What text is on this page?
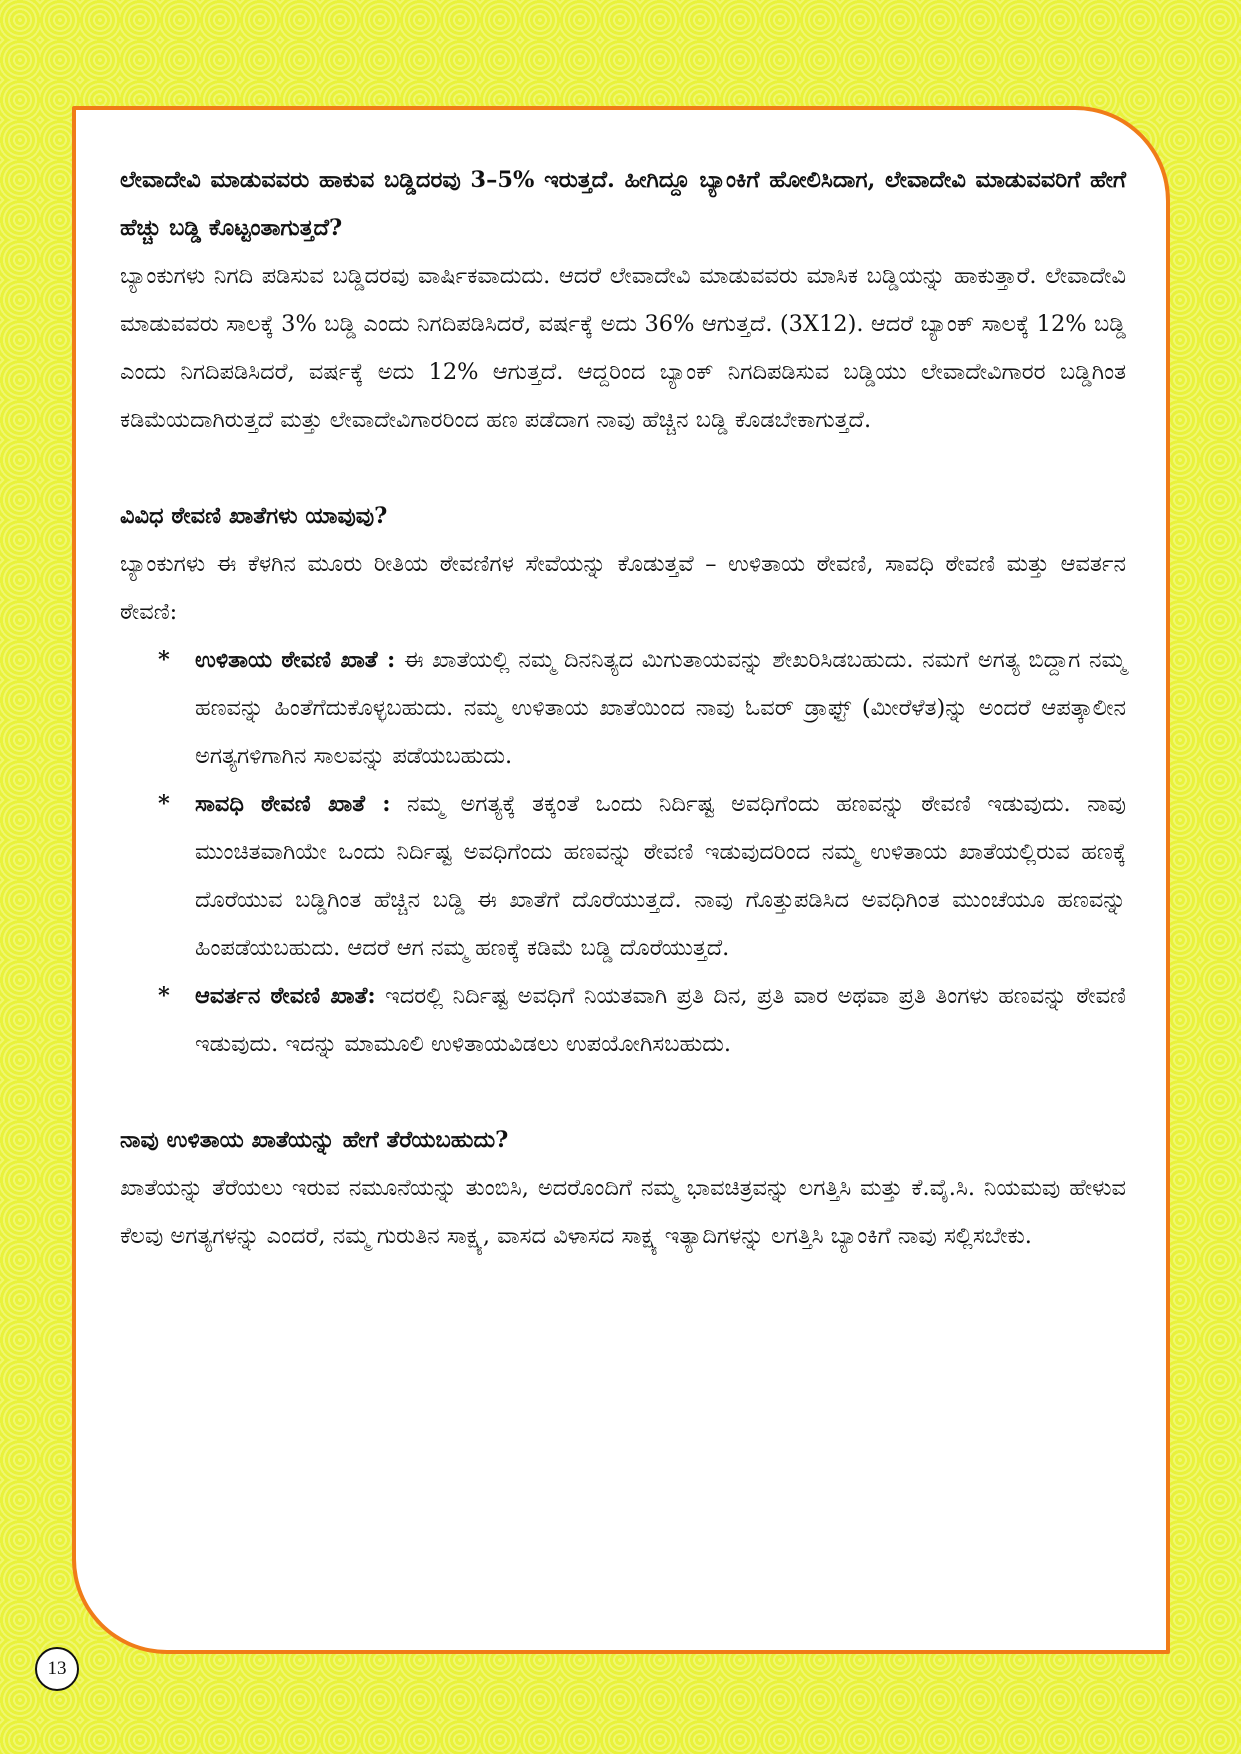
ಲೇವಾದೇವಿ ಮಾಡುವವರು ಹಾಕುವ ಬಡ್ಡಿದರವು 3–5% ಇರುತ್ತದೆ. ಹೀಗಿದ್ದೂ ಬ್ಯಾಂಕಿಗೆ ಹೋಲಿಸಿದಾಗ, ಲೇವಾದೇವಿ ಮಾಡುವವರಿಗೆ ಹೇಗೆ ಹೆಚ್ಚು ಬಡ್ಡಿ ಕೊಟ್ಟಂತಾಗುತ್ತದೆ?

ಬ್ಯಾಂಕುಗಳು ನಿಗದಿ ಪಡಿಸುವ ಬಡ್ಡಿದರವು ವಾರ್ಷಿಕವಾದುದು. ಆದರೆ ಲೇವಾದೇವಿ ಮಾಡುವವರು ಮಾಸಿಕ ಬಡ್ಡಿಯನ್ನು ಹಾಕುತ್ತಾರೆ. ಲೇವಾದೇವಿ ಮಾಡುವವರು ಸಾಲಕ್ಕೆ 3% ಬಡ್ಡಿ ಎಂದು ನಿಗದಿಪಡಿಸಿದರೆ, ವರ್ಷಕ್ಕೆ ಅದು 36% ಆಗುತ್ತದೆ. (3X12). ಆದರೆ ಬ್ಯಾಂಕ್ ಸಾಲಕ್ಕೆ 12% ಬಡ್ಡಿ ಎಂದು ನಿಗದಿಪಡಿಸಿದರೆ, ವರ್ಷಕ್ಕೆ ಅದು 12% ಆಗುತ್ತದೆ. ಆದ್ದರಿಂದ ಬ್ಯಾಂಕ್ ನಿಗದಿಪಡಿಸುವ ಬಡ್ಡಿಯು ಲೇವಾದೇವಿಗಾರರ ಬಡ್ಡಿಗಿಂತ ಕಡಿಮೆಯದಾಗಿರುತ್ತದೆ ಮತ್ತು ಲೇವಾದೇವಿಗಾರರಿಂದ ಹಣ ಪಡೆದಾಗ ನಾವು ಹೆಚ್ಚಿನ ಬಡ್ಡಿ ಕೊಡಬೇಕಾಗುತ್ತದೆ.

ವಿವಿಧ ಠೇವಣಿ ಖಾತೆಗಳು ಯಾವುವು?

ಬ್ಯಾಂಕುಗಳು ಈ ಕೆಳಗಿನ ಮೂರು ರೀತಿಯ ಠೇವಣಿಗಳ ಸೇವೆಯನ್ನು ಕೊಡುತ್ತವೆ – ಉಳಿತಾಯ ಠೇವಣಿ, ಸಾವಧಿ ಠೇವಣಿ ಮತ್ತು ಆವರ್ತನ ಠೇವಣಿ:

* ಉಳಿತಾಯ ಠೇವಣಿ ಖಾತೆ : ಈ ಖಾತೆಯಲ್ಲಿ ನಮ್ಮ ದಿನನಿತ್ಯದ ಮಿಗುತಾಯವನ್ನು ಶೇಖರಿಸಿಡಬಹುದು. ನಮಗೆ ಅಗತ್ಯ ಬಿದ್ದಾಗ ನಮ್ಮ ಹಣವನ್ನು ಹಿಂತೆಗೆದುಕೊಳ್ಳಬಹುದು. ನಮ್ಮ ಉಳಿತಾಯ ಖಾತೆಯಿಂದ ನಾವು ಓವರ್ ಡ್ರಾಫ್ಟ್ (ಮೀರೆಳೆತ)ನ್ನು ಅಂದರೆ ಆಪತ್ಕಾಲೀನ ಅಗತ್ಯಗಳಿಗಾಗಿನ ಸಾಲವನ್ನು ಪಡೆಯಬಹುದು.
* ಸಾವಧಿ ಠೇವಣಿ ಖಾತೆ : ನಮ್ಮ ಅಗತ್ಯಕ್ಕೆ ತಕ್ಕಂತೆ ಒಂದು ನಿರ್ದಿಷ್ಟ ಅವಧಿಗೆಂದು ಹಣವನ್ನು ಠೇವಣಿ ಇಡುವುದು. ನಾವು ಮುಂಚಿತವಾಗಿಯೇ ಒಂದು ನಿರ್ದಿಷ್ಟ ಅವಧಿಗೆಂದು ಹಣವನ್ನು ಠೇವಣಿ ಇಡುವುದರಿಂದ ನಮ್ಮ ಉಳಿತಾಯ ಖಾತೆಯಲ್ಲಿರುವ ಹಣಕ್ಕೆ ದೊರೆಯುವ ಬಡ್ಡಿಗಿಂತ ಹೆಚ್ಚಿನ ಬಡ್ಡಿ ಈ ಖಾತೆಗೆ ದೊರೆಯುತ್ತದೆ. ನಾವು ಗೊತ್ತುಪಡಿಸಿದ ಅವಧಿಗಿಂತ ಮುಂಚೆಯೂ ಹಣವನ್ನು ಹಿಂಪಡೆಯಬಹುದು. ಆದರೆ ಆಗ ನಮ್ಮ ಹಣಕ್ಕೆ ಕಡಿಮೆ ಬಡ್ಡಿ ದೊರೆಯುತ್ತದೆ.
* ಆವರ್ತನ ಠೇವಣಿ ಖಾತೆ: ಇದರಲ್ಲಿ ನಿರ್ದಿಷ್ಟ ಅವಧಿಗೆ ನಿಯತವಾಗಿ ಪ್ರತಿ ದಿನ, ಪ್ರತಿ ವಾರ ಅಥವಾ ಪ್ರತಿ ತಿಂಗಳು ಹಣವನ್ನು ಠೇವಣಿ ಇಡುವುದು. ಇದನ್ನು ಮಾಮೂಲಿ ಉಳಿತಾಯವಿಡಲು ಉಪಯೋಗಿಸಬಹುದು.

ನಾವು ಉಳಿತಾಯ ಖಾತೆಯನ್ನು ಹೇಗೆ ತೆರೆಯಬಹುದು?

ಖಾತೆಯನ್ನು ತೆರೆಯಲು ಇರುವ ನಮೂನೆಯನ್ನು ತುಂಬಿಸಿ, ಅದರೊಂದಿಗೆ ನಮ್ಮ ಭಾವಚಿತ್ರವನ್ನು ಲಗತ್ತಿಸಿ ಮತ್ತು ಕೆ.ವೈ.ಸಿ. ನಿಯಮವು ಹೇಳುವ ಕೆಲವು ಅಗತ್ಯಗಳನ್ನು ಎಂದರೆ, ನಮ್ಮ ಗುರುತಿನ ಸಾಕ್ಷ್ಯ, ವಾಸದ ವಿಳಾಸದ ಸಾಕ್ಷ್ಯ ಇತ್ಯಾದಿಗಳನ್ನು ಲಗತ್ತಿಸಿ ಬ್ಯಾಂಕಿಗೆ ನಾವು ಸಲ್ಲಿಸಬೇಕು.

13
